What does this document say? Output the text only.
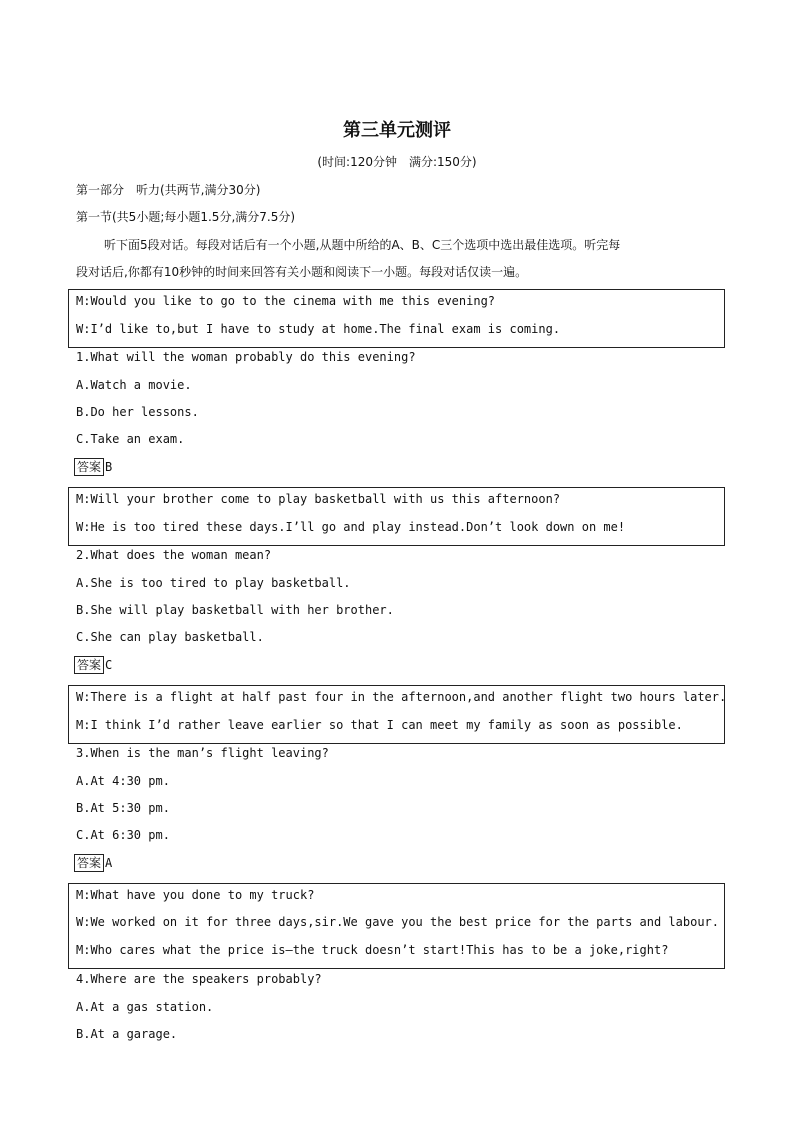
第三单元测评
(时间:120分钟　满分:150分)
第一部分　听力(共两节,满分30分)
第一节(共5小题;每小题1.5分,满分7.5分)
听下面5段对话。每段对话后有一个小题,从题中所给的A、B、C三个选项中选出最佳选项。听完每
段对话后,你都有10秒钟的时间来回答有关小题和阅读下一小题。每段对话仅读一遍。
M:Would you like to go to the cinema with me this evening?
W:I’d like to,but I have to study at home.The final exam is coming.
1.What will the woman probably do this evening?
A.Watch a movie.
B.Do her lessons.
C.Take an exam.
答案 B
M:Will your brother come to play basketball with us this afternoon?
W:He is too tired these days.I’ll go and play instead.Don’t look down on me!
2.What does the woman mean?
A.She is too tired to play basketball.
B.She will play basketball with her brother.
C.She can play basketball.
答案 C
W:There is a flight at half past four in the afternoon,and another flight two hours later.
M:I think I’d rather leave earlier so that I can meet my family as soon as possible.
3.When is the man’s flight leaving?
A.At 4:30 pm.
B.At 5:30 pm.
C.At 6:30 pm.
答案 A
M:What have you done to my truck?
W:We worked on it for three days,sir.We gave you the best price for the parts and labour.
M:Who cares what the price is—the truck doesn’t start!This has to be a joke,right?
4.Where are the speakers probably?
A.At a gas station.
B.At a garage.
